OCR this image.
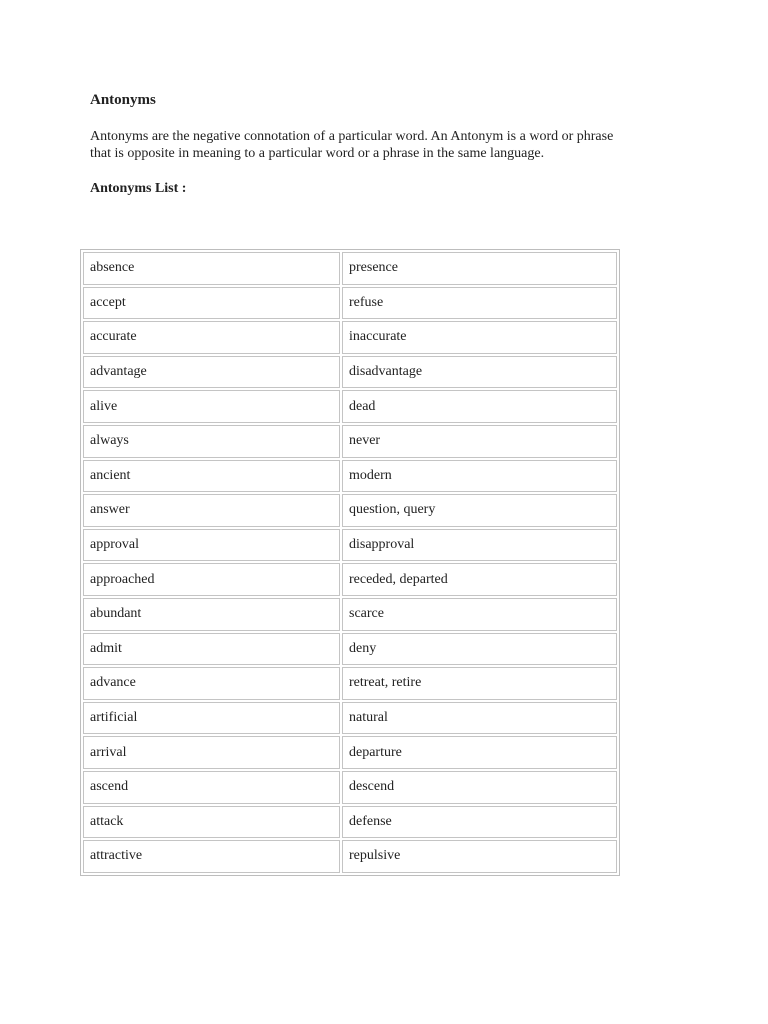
Antonyms

Antonyms are the negative connotation of a particular word. An Antonym is a word or phrase
that is opposite in meaning to a particular word or a phrase in the same language.

Antonyms List :

absence	presence
accept	refuse
accurate	inaccurate
advantage	disadvantage
alive	dead
always	never
ancient	modern
answer	question, query
approval	disapproval
approached	receded, departed
abundant	scarce
admit	deny
advance	retreat, retire
artificial	natural
arrival	departure
ascend	descend
attack	defense
attractive	repulsive
